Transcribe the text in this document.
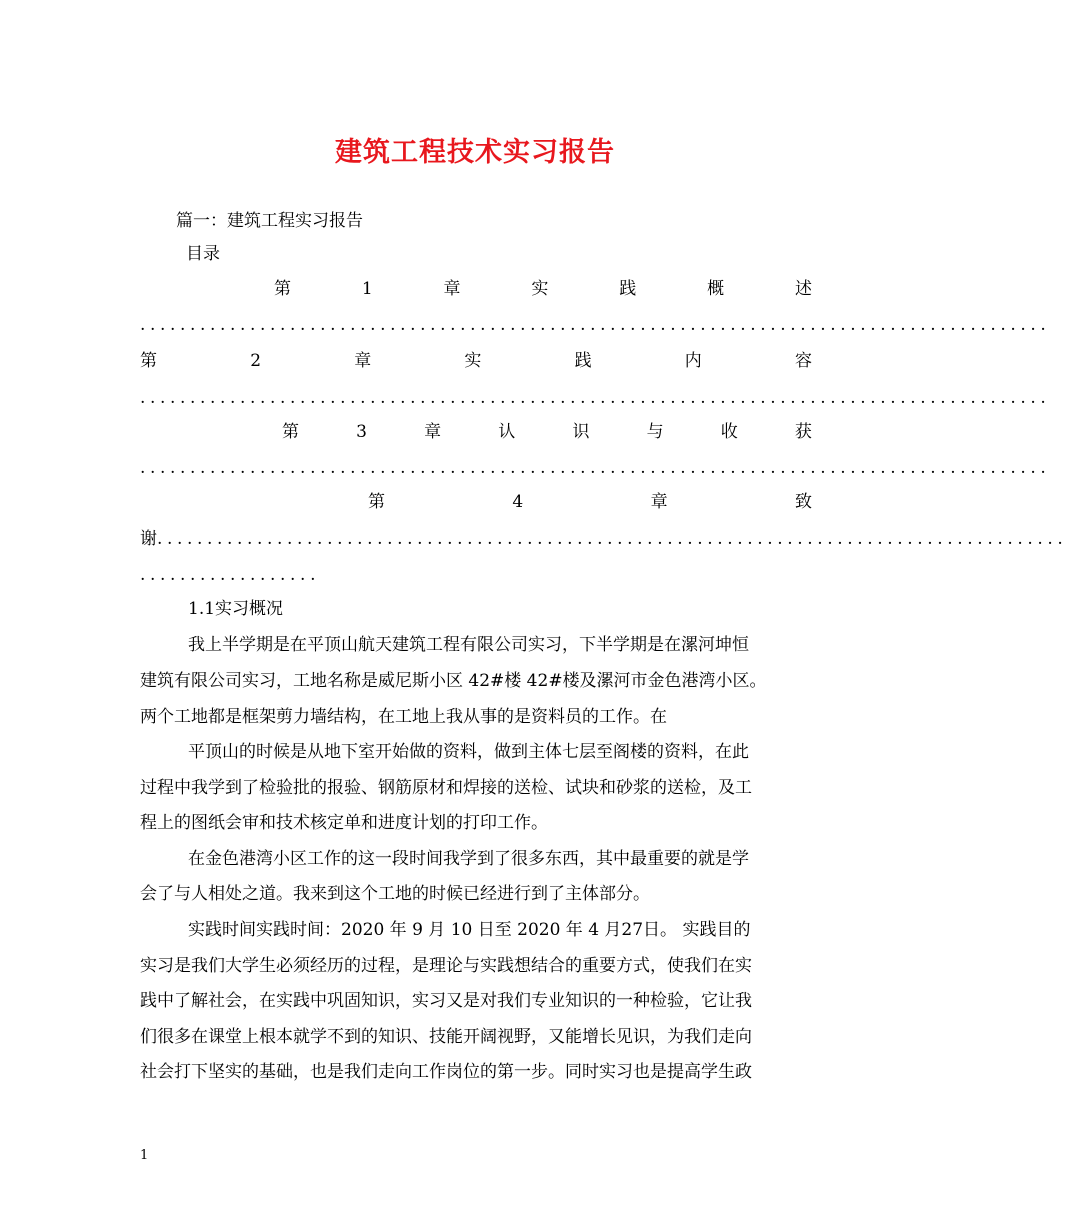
建筑工程技术实习报告
篇一：建筑工程实习报告
目录
第	1	章	实	践	概	述
...........................................................................................
第	2	章	实	践	内	容
...........................................................................................
第	3	章	认	识	与	收	获
...........................................................................................
第	4	章	致
谢 ...........................................................................................
..................
1.1实习概况
我上半学期是在平顶山航天建筑工程有限公司实习，下半学期是在漯河坤恒
建筑有限公司实习，工地名称是威尼斯小区 42#楼 42#楼及漯河市金色港湾小区。
两个工地都是框架剪力墙结构，在工地上我从事的是资料员的工作。在
平顶山的时候是从地下室开始做的资料，做到主体七层至阁楼的资料，在此
过程中我学到了检验批的报验、钢筋原材和焊接的送检、试块和砂浆的送检，及工
程上的图纸会审和技术核定单和进度计划的打印工作。
在金色港湾小区工作的这一段时间我学到了很多东西，其中最重要的就是学
会了与人相处之道。我来到这个工地的时候已经进行到了主体部分。
实践时间实践时间：2020 年 9 月 10 日至 2020 年 4 月27日。 实践目的
实习是我们大学生必须经历的过程，是理论与实践想结合的重要方式，使我们在实
践中了解社会，在实践中巩固知识，实习又是对我们专业知识的一种检验，它让我
们很多在课堂上根本就学不到的知识、技能开阔视野，又能增长见识，为我们走向
社会打下坚实的基础，也是我们走向工作岗位的第一步。同时实习也是提高学生政
1
